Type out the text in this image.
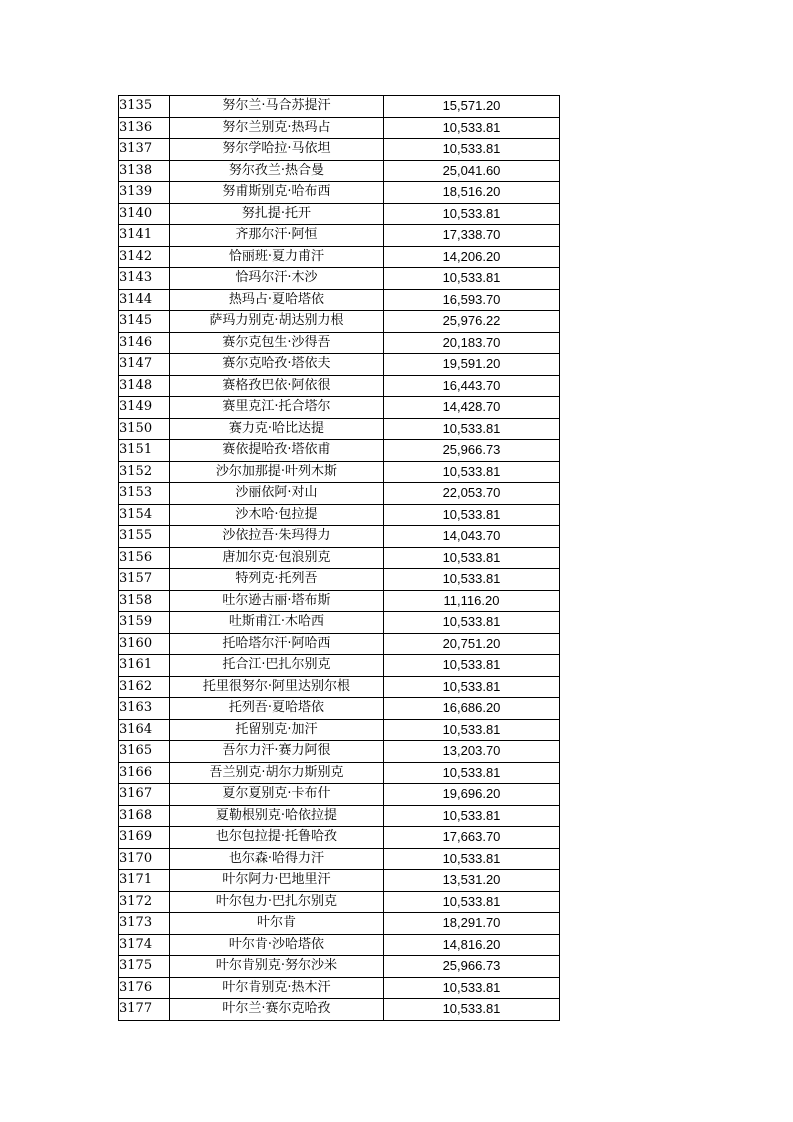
3135	努尔兰·马合苏提汗	15,571.20
3136	努尔兰别克·热玛占	10,533.81
3137	努尔学哈拉·马依坦	10,533.81
3138	努尔孜兰·热合曼	25,041.60
3139	努甫斯别克·哈布西	18,516.20
3140	努扎提·托开	10,533.81
3141	齐那尔汗·阿恒	17,338.70
3142	恰丽班·夏力甫汗	14,206.20
3143	恰玛尔汗·木沙	10,533.81
3144	热玛占·夏哈塔依	16,593.70
3145	萨玛力别克·胡达别力根	25,976.22
3146	赛尔克包生·沙得吾	20,183.70
3147	赛尔克哈孜·塔依夫	19,591.20
3148	赛格孜巴依·阿依很	16,443.70
3149	赛里克江·托合塔尔	14,428.70
3150	赛力克·哈比达提	10,533.81
3151	赛依提哈孜·塔依甫	25,966.73
3152	沙尔加那提·叶列木斯	10,533.81
3153	沙丽依阿·对山	22,053.70
3154	沙木哈·包拉提	10,533.81
3155	沙依拉吾·朱玛得力	14,043.70
3156	唐加尔克·包浪别克	10,533.81
3157	特列克·托列吾	10,533.81
3158	吐尔逊古丽·塔布斯	11,116.20
3159	吐斯甫江·木哈西	10,533.81
3160	托哈塔尔汗·阿哈西	20,751.20
3161	托合江·巴扎尔别克	10,533.81
3162	托里很努尔·阿里达别尔根	10,533.81
3163	托列吾·夏哈塔依	16,686.20
3164	托留别克·加汗	10,533.81
3165	吾尔力汗·赛力阿很	13,203.70
3166	吾兰别克·胡尔力斯别克	10,533.81
3167	夏尔夏别克·卡布什	19,696.20
3168	夏勒根别克·哈依拉提	10,533.81
3169	也尔包拉提·托鲁哈孜	17,663.70
3170	也尔森·哈得力汗	10,533.81
3171	叶尔阿力·巴地里汗	13,531.20
3172	叶尔包力·巴扎尔别克	10,533.81
3173	叶尔肯	18,291.70
3174	叶尔肯·沙哈塔依	14,816.20
3175	叶尔肯别克·努尔沙米	25,966.73
3176	叶尔肯别克·热木汗	10,533.81
3177	叶尔兰·赛尔克哈孜	10,533.81
